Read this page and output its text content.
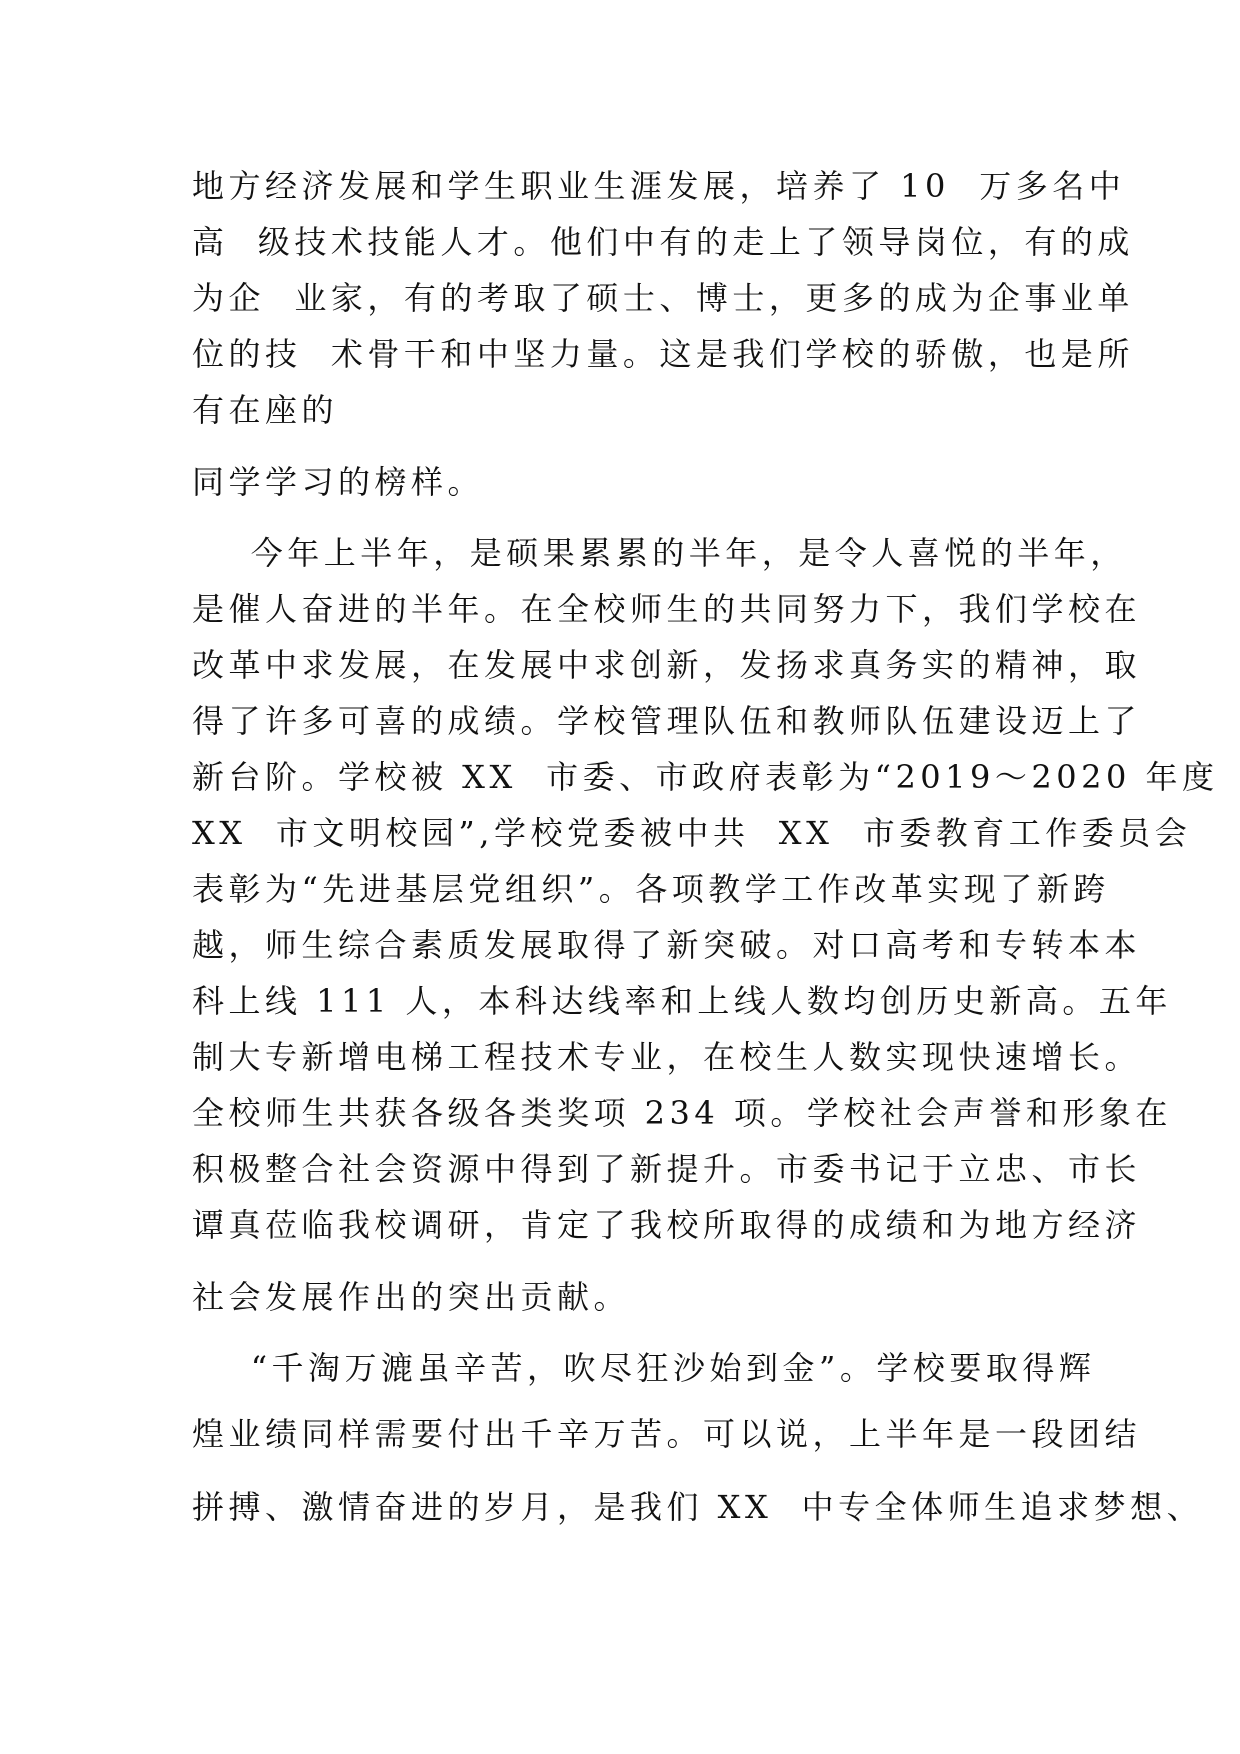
地方经济发展和学生职业生涯发展，培养了 10  万多名中
高  级技术技能人才。他们中有的走上了领导岗位，有的成
为企  业家，有的考取了硕士、博士，更多的成为企事业单
位的技  术骨干和中坚力量。这是我们学校的骄傲，也是所
有在座的
同学学习的榜样。
今年上半年，是硕果累累的半年，是令人喜悦的半年，
是催人奋进的半年。在全校师生的共同努力下，我们学校在
改革中求发展，在发展中求创新，发扬求真务实的精神，取
得了许多可喜的成绩。学校管理队伍和教师队伍建设迈上了
新台阶。学校被 XX  市委、市政府表彰为“2019～2020 年度
XX  市文明校园”,学校党委被中共  XX  市委教育工作委员会
表彰为“先进基层党组织”。各项教学工作改革实现了新跨
越，师生综合素质发展取得了新突破。对口高考和专转本本
科上线 111 人，本科达线率和上线人数均创历史新高。五年
制大专新增电梯工程技术专业，在校生人数实现快速增长。
全校师生共获各级各类奖项 234 项。学校社会声誉和形象在
积极整合社会资源中得到了新提升。市委书记于立忠、市长
谭真莅临我校调研，肯定了我校所取得的成绩和为地方经济
社会发展作出的突出贡献。
“千淘万漉虽辛苦，吹尽狂沙始到金”。学校要取得辉
煌业绩同样需要付出千辛万苦。可以说，上半年是一段团结
拼搏、激情奋进的岁月，是我们 XX  中专全体师生追求梦想、
